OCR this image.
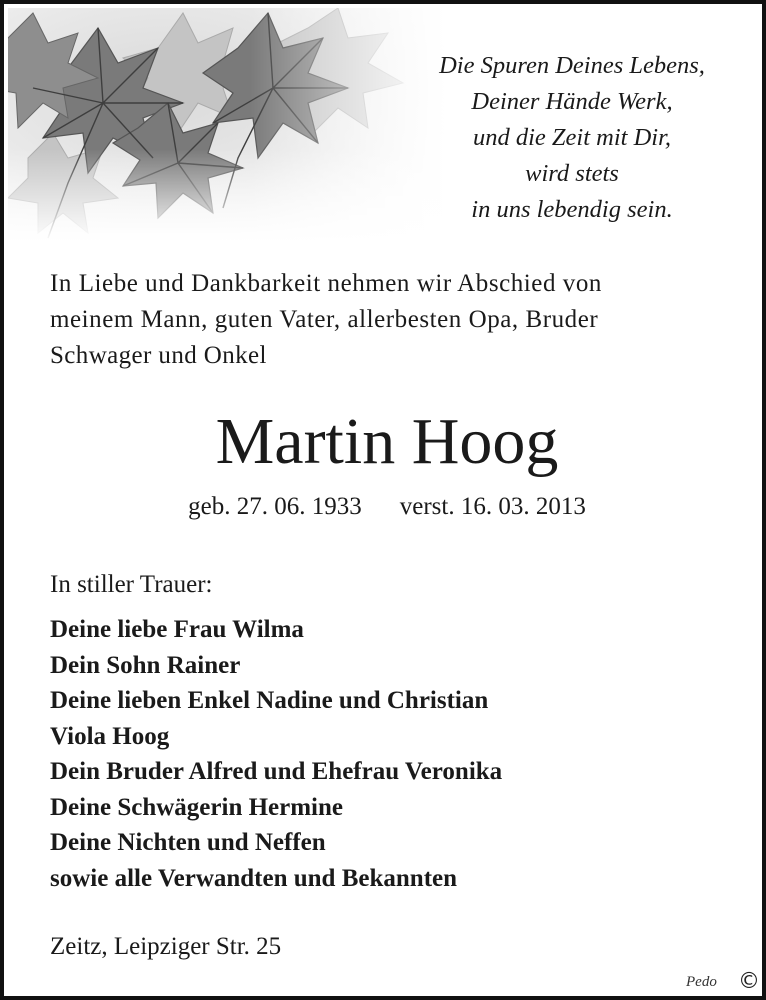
Die Spuren Deines Lebens,
Deiner Hände Werk,
und die Zeit mit Dir,
wird stets
in uns lebendig sein.
In Liebe und Dankbarkeit nehmen wir Abschied von
meinem Mann, guten Vater, allerbesten Opa, Bruder
Schwager und Onkel
Martin Hoog
geb. 27. 06. 1933 verst. 16. 03. 2013
In stiller Trauer:
Deine liebe Frau Wilma
Dein Sohn Rainer
Deine lieben Enkel Nadine und Christian
Viola Hoog
Dein Bruder Alfred und Ehefrau Veronika
Deine Schwägerin Hermine
Deine Nichten und Neffen
sowie alle Verwandten und Bekannten
Zeitz, Leipziger Str. 25
Pedo ©
